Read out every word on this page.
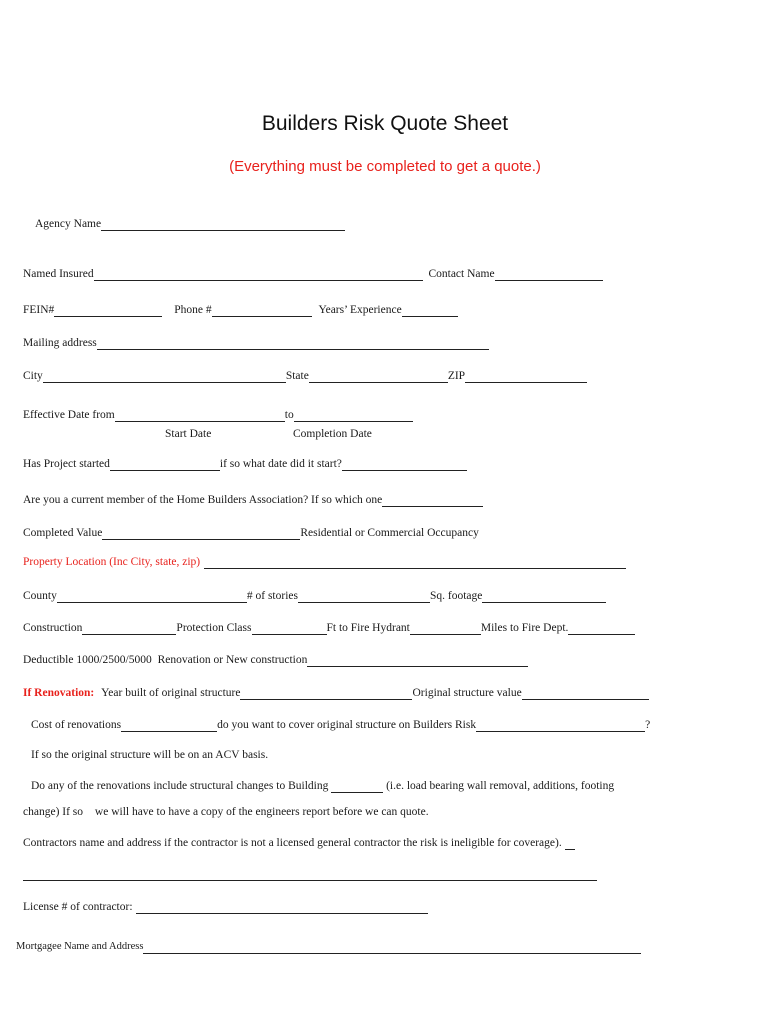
Builders Risk Quote Sheet
(Everything must be completed to get a quote.)
Agency Name
Named Insured	Contact Name
FEIN#	Phone #	Years’ Experience
Mailing address
City	State	ZIP
Effective Date from	to
Start Date	Completion Date
Has Project started	if so what date did it start?
Are you a current member of the Home Builders Association? If so which one
Completed Value	Residential or Commercial Occupancy
Property Location (Inc City, state, zip)
County	# of stories	Sq. footage
Construction	Protection Class	Ft to Fire Hydrant	Miles to Fire Dept.
Deductible 1000/2500/5000 Renovation or New construction
If Renovation: Year built of original structure	Original structure value
Cost of renovations	do you want to cover original structure on Builders Risk	?
If so the original structure will be on an ACV basis.
Do any of the renovations include structural changes to Building	(i.e. load bearing wall removal, additions, footing
change) If so we will have to have a copy of the engineers report before we can quote.
Contractors name and address if the contractor is not a licensed general contractor the risk is ineligible for coverage).
License # of contractor:
Mortgagee Name and Address
